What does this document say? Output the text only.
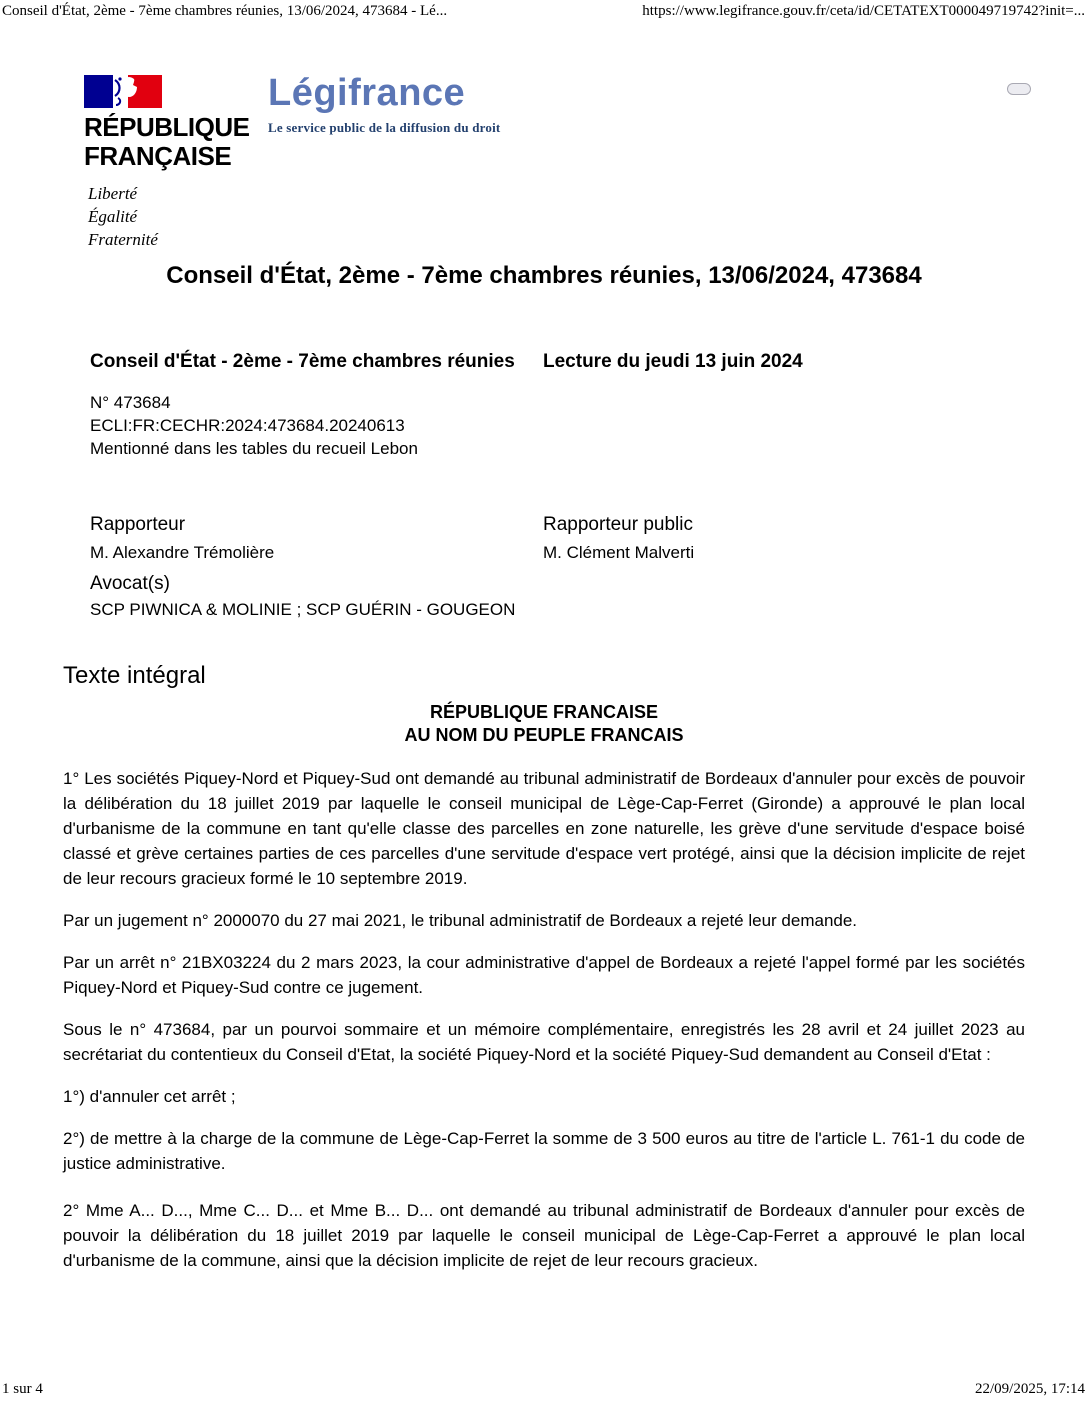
Conseil d'État, 2ème - 7ème chambres réunies, 13/06/2024, 473684 - Lé...	https://www.legifrance.gouv.fr/ceta/id/CETATEXT000049719742?init=...
RÉPUBLIQUE
FRANÇAISE
Liberté
Égalité
Fraternité
Légifrance
Le service public de la diffusion du droit
Conseil d'État, 2ème - 7ème chambres réunies, 13/06/2024, 473684
Conseil d'État - 2ème - 7ème chambres réunies	Lecture du jeudi 13 juin 2024
N° 473684
ECLI:FR:CECHR:2024:473684.20240613
Mentionné dans les tables du recueil Lebon
Rapporteur
M. Alexandre Trémolière
Rapporteur public
M. Clément Malverti
Avocat(s)
SCP PIWNICA & MOLINIE ; SCP GUÉRIN - GOUGEON
Texte intégral
RÉPUBLIQUE FRANCAISE
AU NOM DU PEUPLE FRANCAIS

1° Les sociétés Piquey-Nord et Piquey-Sud ont demandé au tribunal administratif de Bordeaux d'annuler pour excès de pouvoir la délibération du 18 juillet 2019 par laquelle le conseil municipal de Lège-Cap-Ferret (Gironde) a approuvé le plan local d'urbanisme de la commune en tant qu'elle classe des parcelles en zone naturelle, les grève d'une servitude d'espace boisé classé et grève certaines parties de ces parcelles d'une servitude d'espace vert protégé, ainsi que la décision implicite de rejet de leur recours gracieux formé le 10 septembre 2019.

Par un jugement n° 2000070 du 27 mai 2021, le tribunal administratif de Bordeaux a rejeté leur demande.

Par un arrêt n° 21BX03224 du 2 mars 2023, la cour administrative d'appel de Bordeaux a rejeté l'appel formé par les sociétés Piquey-Nord et Piquey-Sud contre ce jugement.

Sous le n° 473684, par un pourvoi sommaire et un mémoire complémentaire, enregistrés les 28 avril et 24 juillet 2023 au secrétariat du contentieux du Conseil d'Etat, la société Piquey-Nord et la société Piquey-Sud demandent au Conseil d'Etat :

1°) d'annuler cet arrêt ;

2°) de mettre à la charge de la commune de Lège-Cap-Ferret la somme de 3 500 euros au titre de l'article L. 761-1 du code de justice administrative.

2° Mme A... D..., Mme C... D... et Mme B... D... ont demandé au tribunal administratif de Bordeaux d'annuler pour excès de pouvoir la délibération du 18 juillet 2019 par laquelle le conseil municipal de Lège-Cap-Ferret a approuvé le plan local d'urbanisme de la commune, ainsi que la décision implicite de rejet de leur recours gracieux.

1 sur 4	22/09/2025, 17:14
